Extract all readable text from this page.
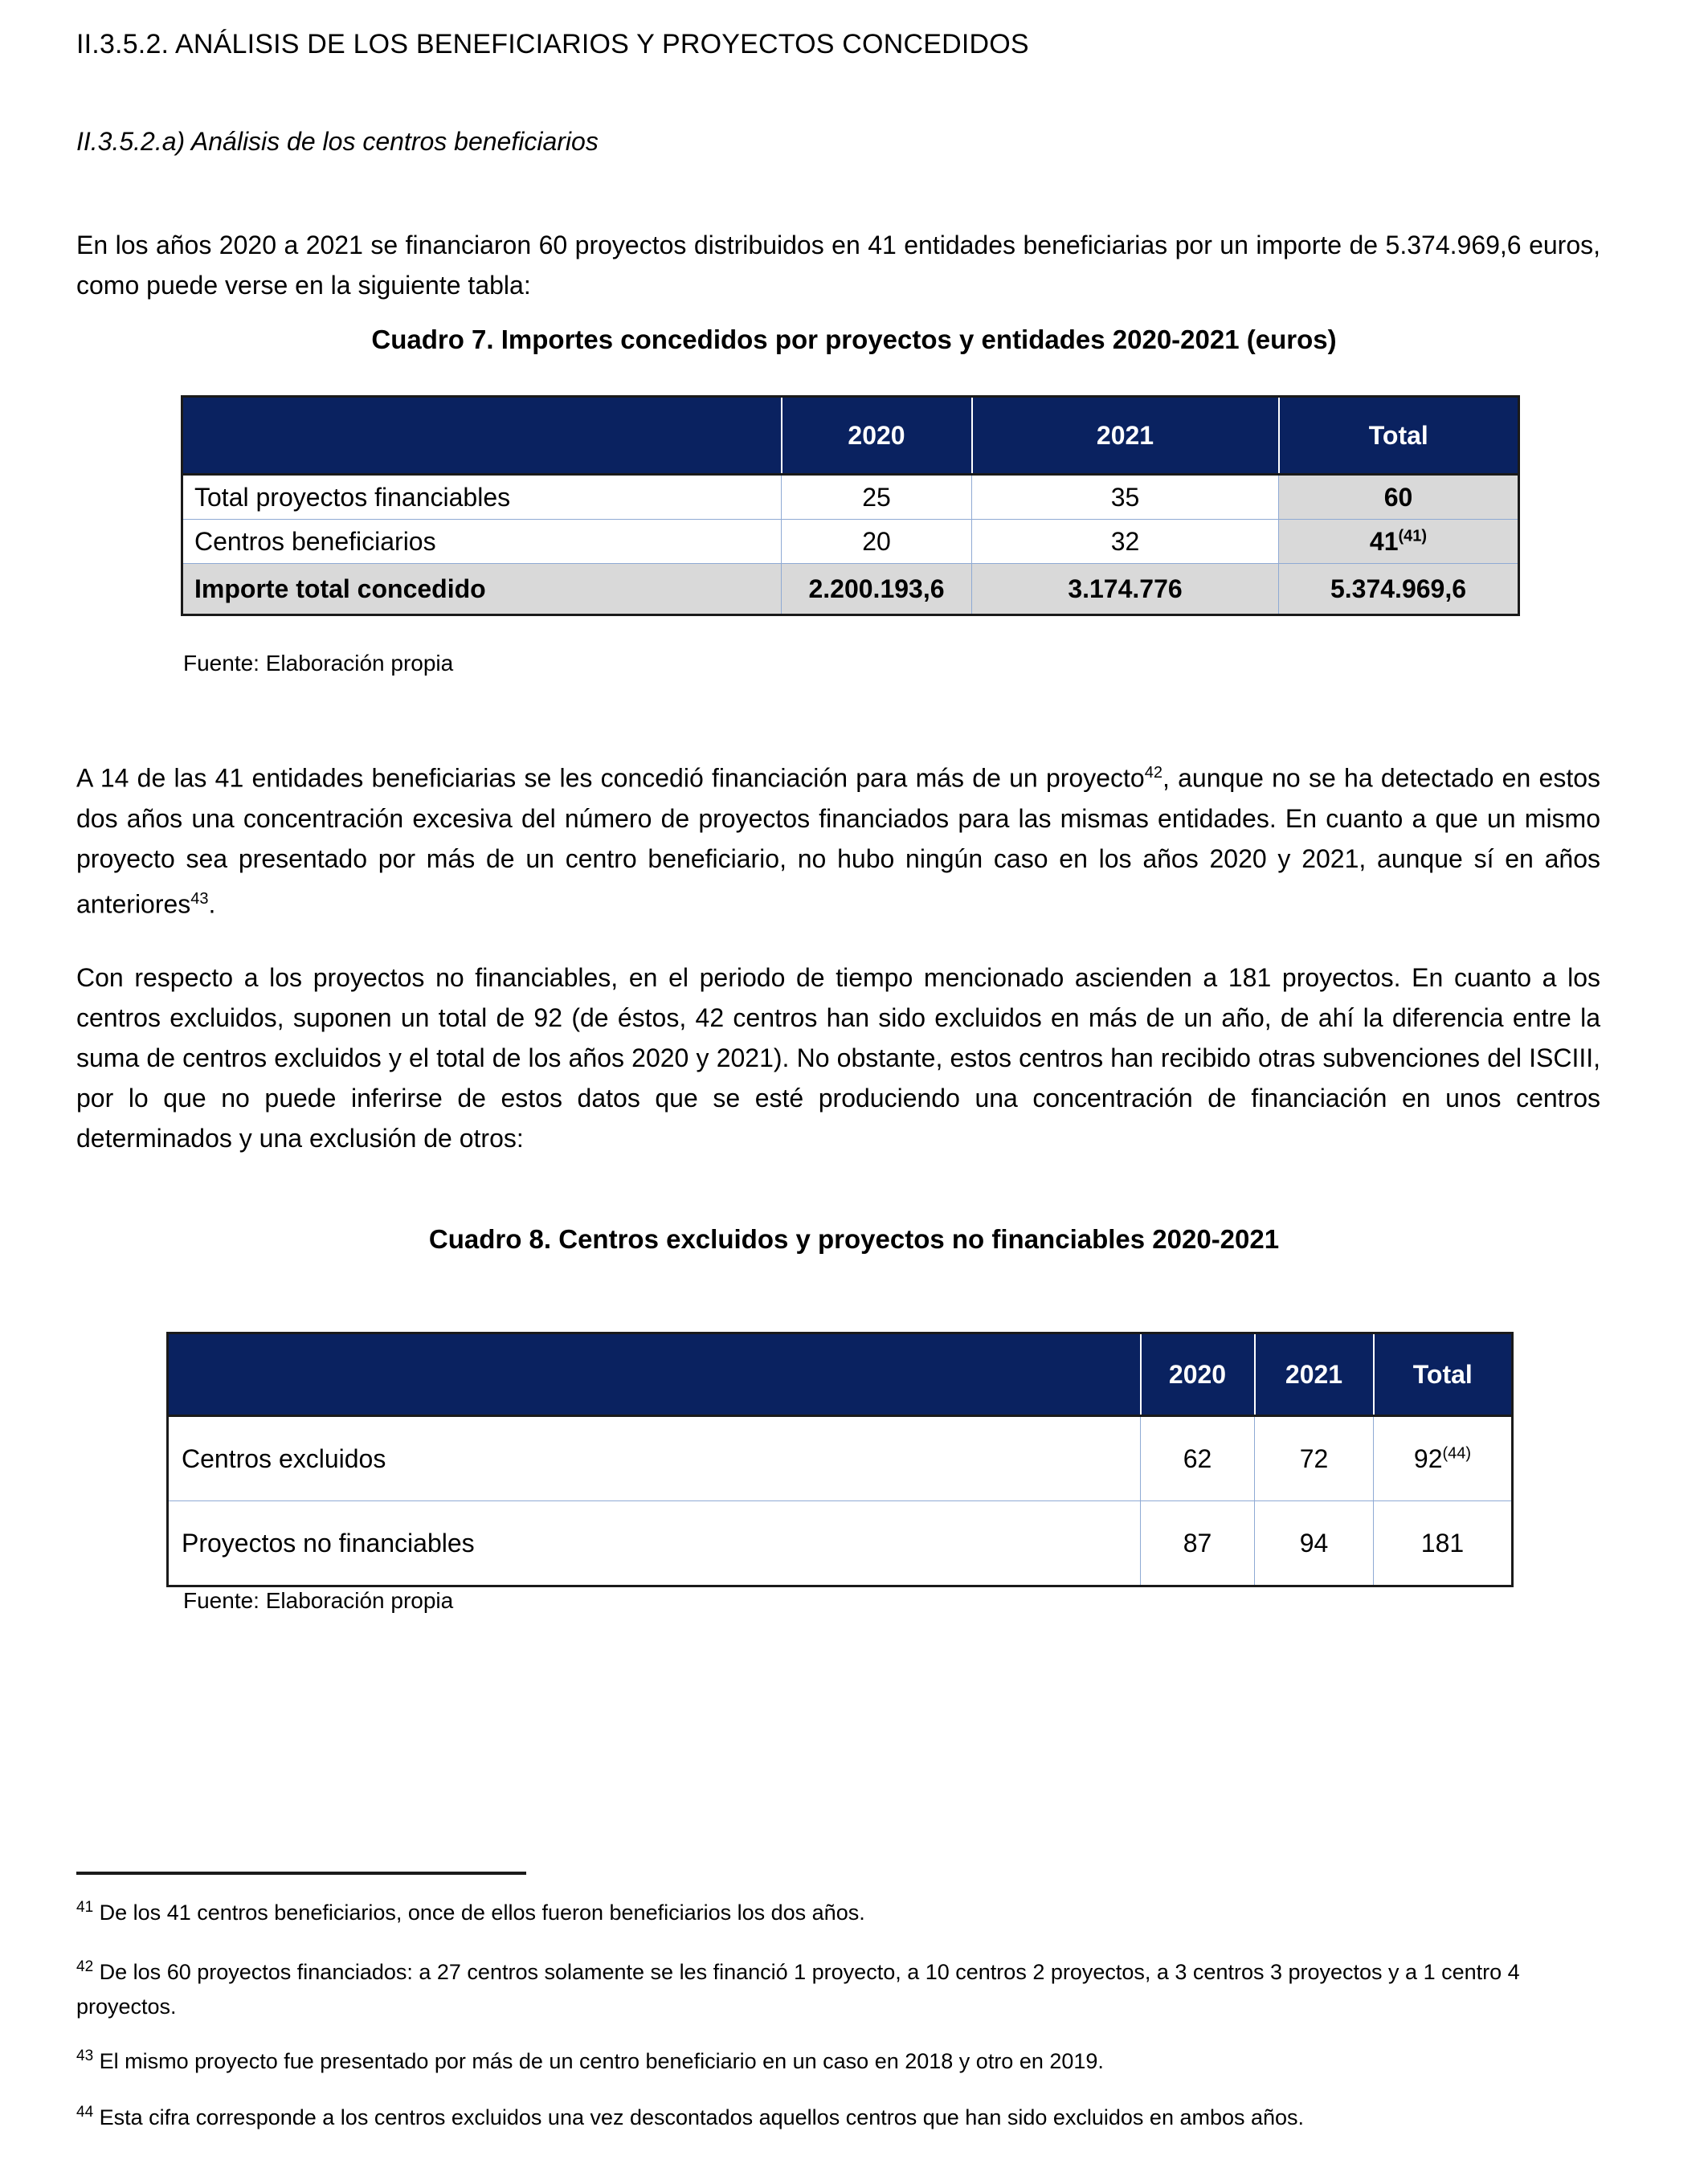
II.3.5.2. ANÁLISIS DE LOS BENEFICIARIOS Y PROYECTOS CONCEDIDOS
II.3.5.2.a) Análisis de los centros beneficiarios

En los años 2020 a 2021 se financiaron 60 proyectos distribuidos en 41 entidades beneficiarias por un importe de 5.374.969,6 euros, como puede verse en la siguiente tabla:

Cuadro 7. Importes concedidos por proyectos y entidades 2020-2021 (euros)
	2020	2021	Total
Total proyectos financiables	25	35	60
Centros beneficiarios	20	32	41$^{(41)}$
Importe total concedido	2.200.193,6	3.174.776	5.374.969,6
Fuente: Elaboración propia

A 14 de las 41 entidades beneficiarias se les concedió financiación para más de un proyecto$^{42}$, aunque no se ha detectado en estos dos años una concentración excesiva del número de proyectos financiados para las mismas entidades. En cuanto a que un mismo proyecto sea presentado por más de un centro beneficiario, no hubo ningún caso en los años 2020 y 2021, aunque sí en años anteriores$^{43}$.

Con respecto a los proyectos no financiables, en el periodo de tiempo mencionado ascienden a 181 proyectos. En cuanto a los centros excluidos, suponen un total de 92 (de éstos, 42 centros han sido excluidos en más de un año, de ahí la diferencia entre la suma de centros excluidos y el total de los años 2020 y 2021). No obstante, estos centros han recibido otras subvenciones del ISCIII, por lo que no puede inferirse de estos datos que se esté produciendo una concentración de financiación en unos centros determinados y una exclusión de otros:

Cuadro 8. Centros excluidos y proyectos no financiables 2020-2021
	2020	2021	Total
Centros excluidos	62	72	92$^{(44)}$
Proyectos no financiables	87	94	181
Fuente: Elaboración propia
$^{41}$ De los 41 centros beneficiarios, once de ellos fueron beneficiarios los dos años.
$^{42}$ De los 60 proyectos financiados: a 27 centros solamente se les financió 1 proyecto, a 10 centros 2 proyectos, a 3 centros 3 proyectos y a 1 centro 4 proyectos.
$^{43}$ El mismo proyecto fue presentado por más de un centro beneficiario en un caso en 2018 y otro en 2019.
$^{44}$ Esta cifra corresponde a los centros excluidos una vez descontados aquellos centros que han sido excluidos en ambos años.
